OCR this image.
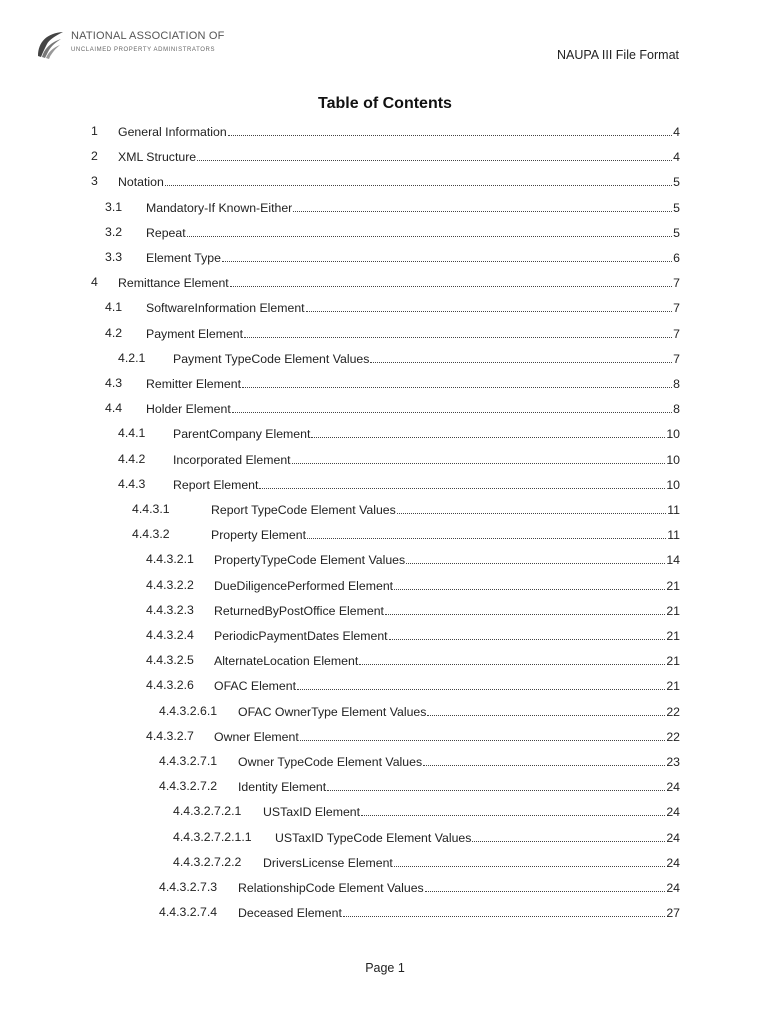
NATIONAL ASSOCIATION OF
UNCLAIMED PROPERTY ADMINISTRATORS	NAUPA III File Format
Table of Contents
1 General Information	4
2 XML Structure	4
3 Notation	5
3.1 Mandatory-If Known-Either	5
3.2 Repeat	5
3.3 Element Type	6
4 Remittance Element	7
4.1 SoftwareInformation Element	7
4.2 Payment Element	7
4.2.1 Payment TypeCode Element Values	7
4.3 Remitter Element	8
4.4 Holder Element	8
4.4.1 ParentCompany Element	10
4.4.2 Incorporated Element	10
4.4.3 Report Element	10
4.4.3.1	Report TypeCode Element Values	11
4.4.3.2	Property Element	11
4.4.3.2.1 PropertyTypeCode Element Values	14
4.4.3.2.2 DueDiligencePerformed Element	21
4.4.3.2.3 ReturnedByPostOffice Element	21
4.4.3.2.4 PeriodicPaymentDates Element	21
4.4.3.2.5 AlternateLocation Element	21
4.4.3.2.6 OFAC Element	21
4.4.3.2.6.1 OFAC OwnerType Element Values	22
4.4.3.2.7 Owner Element	22
4.4.3.2.7.1 Owner TypeCode Element Values	23
4.4.3.2.7.2 Identity Element	24
4.4.3.2.7.2.1 USTaxID Element	24
4.4.3.2.7.2.1.1 USTaxID TypeCode Element Values	24
4.4.3.2.7.2.2 DriversLicense Element	24
4.4.3.2.7.3 RelationshipCode Element Values	24
4.4.3.2.7.4 Deceased Element	27
Page 1
